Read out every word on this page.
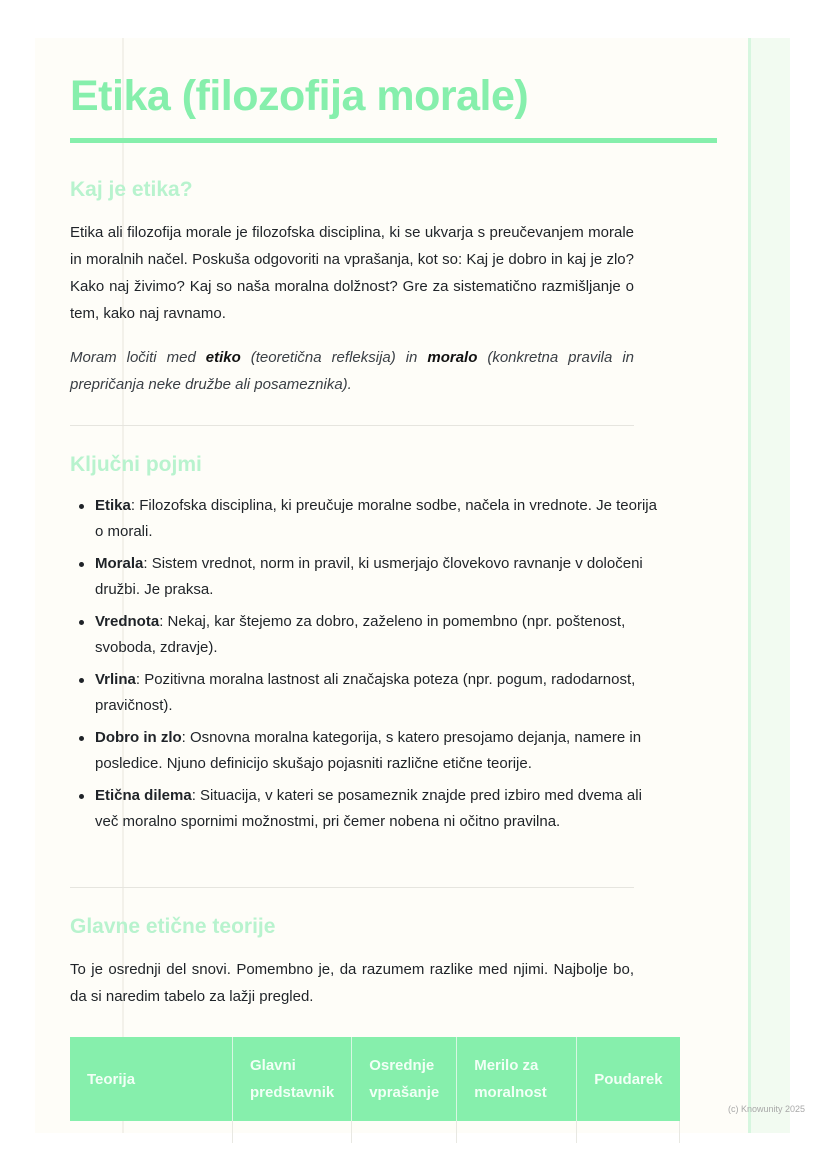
Etika (filozofija morale)
Kaj je etika?

Etika ali filozofija morale je filozofska disciplina, ki se ukvarja s preučevanjem morale in moralnih načel. Poskuša odgovoriti na vprašanja, kot so: Kaj je dobro in kaj je zlo? Kako naj živimo? Kaj so naša moralna dolžnost? Gre za sistematično razmišljanje o tem, kako naj ravnamo.

Moram ločiti med etiko (teoretična refleksija) in moralo (konkretna pravila in prepričanja neke družbe ali posameznika).

Ključni pojmi
Etika: Filozofska disciplina, ki preučuje moralne sodbe, načela in vrednote. Je teorija o morali.
Morala: Sistem vrednot, norm in pravil, ki usmerjajo človekovo ravnanje v določeni družbi. Je praksa.
Vrednota: Nekaj, kar štejemo za dobro, zaželeno in pomembno (npr. poštenost, svoboda, zdravje).
Vrlina: Pozitivna moralna lastnost ali značajska poteza (npr. pogum, radodarnost, pravičnost).
Dobro in zlo: Osnovna moralna kategorija, s katero presojamo dejanja, namere in posledice. Njuno definicijo skušajo pojasniti različne etične teorije.
Etična dilema: Situacija, v kateri se posameznik znajde pred izbiro med dvema ali več moralno spornimi možnostmi, pri čemer nobena ni očitno pravilna.
Glavne etične teorije

To je osrednji del snovi. Pomembno je, da razumem razlike med njimi. Najbolje bo, da si naredim tabelo za lažji pregled.

Teorija	Glavni predstavnik	Osrednje vprašanje	Merilo za moralnost	Poudarek

(c) Knowunity 2025
